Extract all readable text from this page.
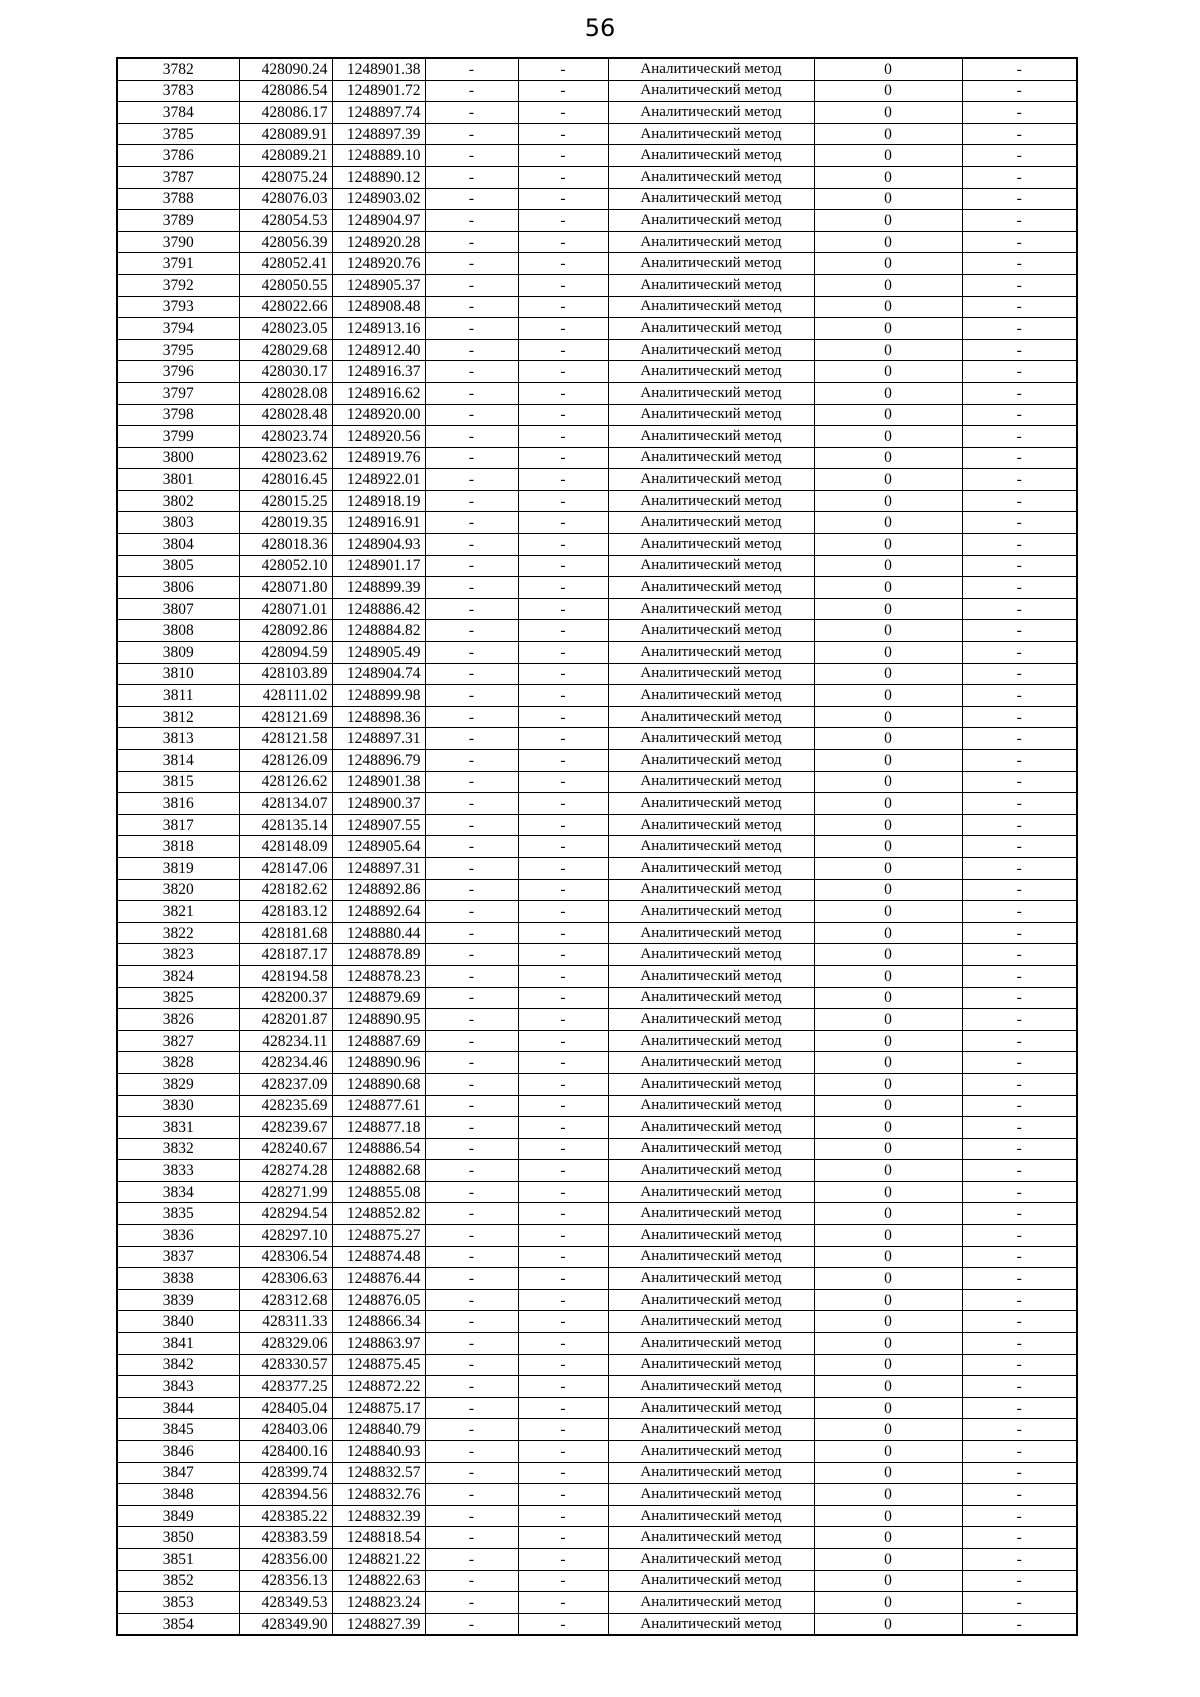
56
3782	428090.24	1248901.38	-	-	Аналитический метод	0	-
3783	428086.54	1248901.72	-	-	Аналитический метод	0	-
3784	428086.17	1248897.74	-	-	Аналитический метод	0	-
3785	428089.91	1248897.39	-	-	Аналитический метод	0	-
3786	428089.21	1248889.10	-	-	Аналитический метод	0	-
3787	428075.24	1248890.12	-	-	Аналитический метод	0	-
3788	428076.03	1248903.02	-	-	Аналитический метод	0	-
3789	428054.53	1248904.97	-	-	Аналитический метод	0	-
3790	428056.39	1248920.28	-	-	Аналитический метод	0	-
3791	428052.41	1248920.76	-	-	Аналитический метод	0	-
3792	428050.55	1248905.37	-	-	Аналитический метод	0	-
3793	428022.66	1248908.48	-	-	Аналитический метод	0	-
3794	428023.05	1248913.16	-	-	Аналитический метод	0	-
3795	428029.68	1248912.40	-	-	Аналитический метод	0	-
3796	428030.17	1248916.37	-	-	Аналитический метод	0	-
3797	428028.08	1248916.62	-	-	Аналитический метод	0	-
3798	428028.48	1248920.00	-	-	Аналитический метод	0	-
3799	428023.74	1248920.56	-	-	Аналитический метод	0	-
3800	428023.62	1248919.76	-	-	Аналитический метод	0	-
3801	428016.45	1248922.01	-	-	Аналитический метод	0	-
3802	428015.25	1248918.19	-	-	Аналитический метод	0	-
3803	428019.35	1248916.91	-	-	Аналитический метод	0	-
3804	428018.36	1248904.93	-	-	Аналитический метод	0	-
3805	428052.10	1248901.17	-	-	Аналитический метод	0	-
3806	428071.80	1248899.39	-	-	Аналитический метод	0	-
3807	428071.01	1248886.42	-	-	Аналитический метод	0	-
3808	428092.86	1248884.82	-	-	Аналитический метод	0	-
3809	428094.59	1248905.49	-	-	Аналитический метод	0	-
3810	428103.89	1248904.74	-	-	Аналитический метод	0	-
3811	428111.02	1248899.98	-	-	Аналитический метод	0	-
3812	428121.69	1248898.36	-	-	Аналитический метод	0	-
3813	428121.58	1248897.31	-	-	Аналитический метод	0	-
3814	428126.09	1248896.79	-	-	Аналитический метод	0	-
3815	428126.62	1248901.38	-	-	Аналитический метод	0	-
3816	428134.07	1248900.37	-	-	Аналитический метод	0	-
3817	428135.14	1248907.55	-	-	Аналитический метод	0	-
3818	428148.09	1248905.64	-	-	Аналитический метод	0	-
3819	428147.06	1248897.31	-	-	Аналитический метод	0	-
3820	428182.62	1248892.86	-	-	Аналитический метод	0	-
3821	428183.12	1248892.64	-	-	Аналитический метод	0	-
3822	428181.68	1248880.44	-	-	Аналитический метод	0	-
3823	428187.17	1248878.89	-	-	Аналитический метод	0	-
3824	428194.58	1248878.23	-	-	Аналитический метод	0	-
3825	428200.37	1248879.69	-	-	Аналитический метод	0	-
3826	428201.87	1248890.95	-	-	Аналитический метод	0	-
3827	428234.11	1248887.69	-	-	Аналитический метод	0	-
3828	428234.46	1248890.96	-	-	Аналитический метод	0	-
3829	428237.09	1248890.68	-	-	Аналитический метод	0	-
3830	428235.69	1248877.61	-	-	Аналитический метод	0	-
3831	428239.67	1248877.18	-	-	Аналитический метод	0	-
3832	428240.67	1248886.54	-	-	Аналитический метод	0	-
3833	428274.28	1248882.68	-	-	Аналитический метод	0	-
3834	428271.99	1248855.08	-	-	Аналитический метод	0	-
3835	428294.54	1248852.82	-	-	Аналитический метод	0	-
3836	428297.10	1248875.27	-	-	Аналитический метод	0	-
3837	428306.54	1248874.48	-	-	Аналитический метод	0	-
3838	428306.63	1248876.44	-	-	Аналитический метод	0	-
3839	428312.68	1248876.05	-	-	Аналитический метод	0	-
3840	428311.33	1248866.34	-	-	Аналитический метод	0	-
3841	428329.06	1248863.97	-	-	Аналитический метод	0	-
3842	428330.57	1248875.45	-	-	Аналитический метод	0	-
3843	428377.25	1248872.22	-	-	Аналитический метод	0	-
3844	428405.04	1248875.17	-	-	Аналитический метод	0	-
3845	428403.06	1248840.79	-	-	Аналитический метод	0	-
3846	428400.16	1248840.93	-	-	Аналитический метод	0	-
3847	428399.74	1248832.57	-	-	Аналитический метод	0	-
3848	428394.56	1248832.76	-	-	Аналитический метод	0	-
3849	428385.22	1248832.39	-	-	Аналитический метод	0	-
3850	428383.59	1248818.54	-	-	Аналитический метод	0	-
3851	428356.00	1248821.22	-	-	Аналитический метод	0	-
3852	428356.13	1248822.63	-	-	Аналитический метод	0	-
3853	428349.53	1248823.24	-	-	Аналитический метод	0	-
3854	428349.90	1248827.39	-	-	Аналитический метод	0	-
